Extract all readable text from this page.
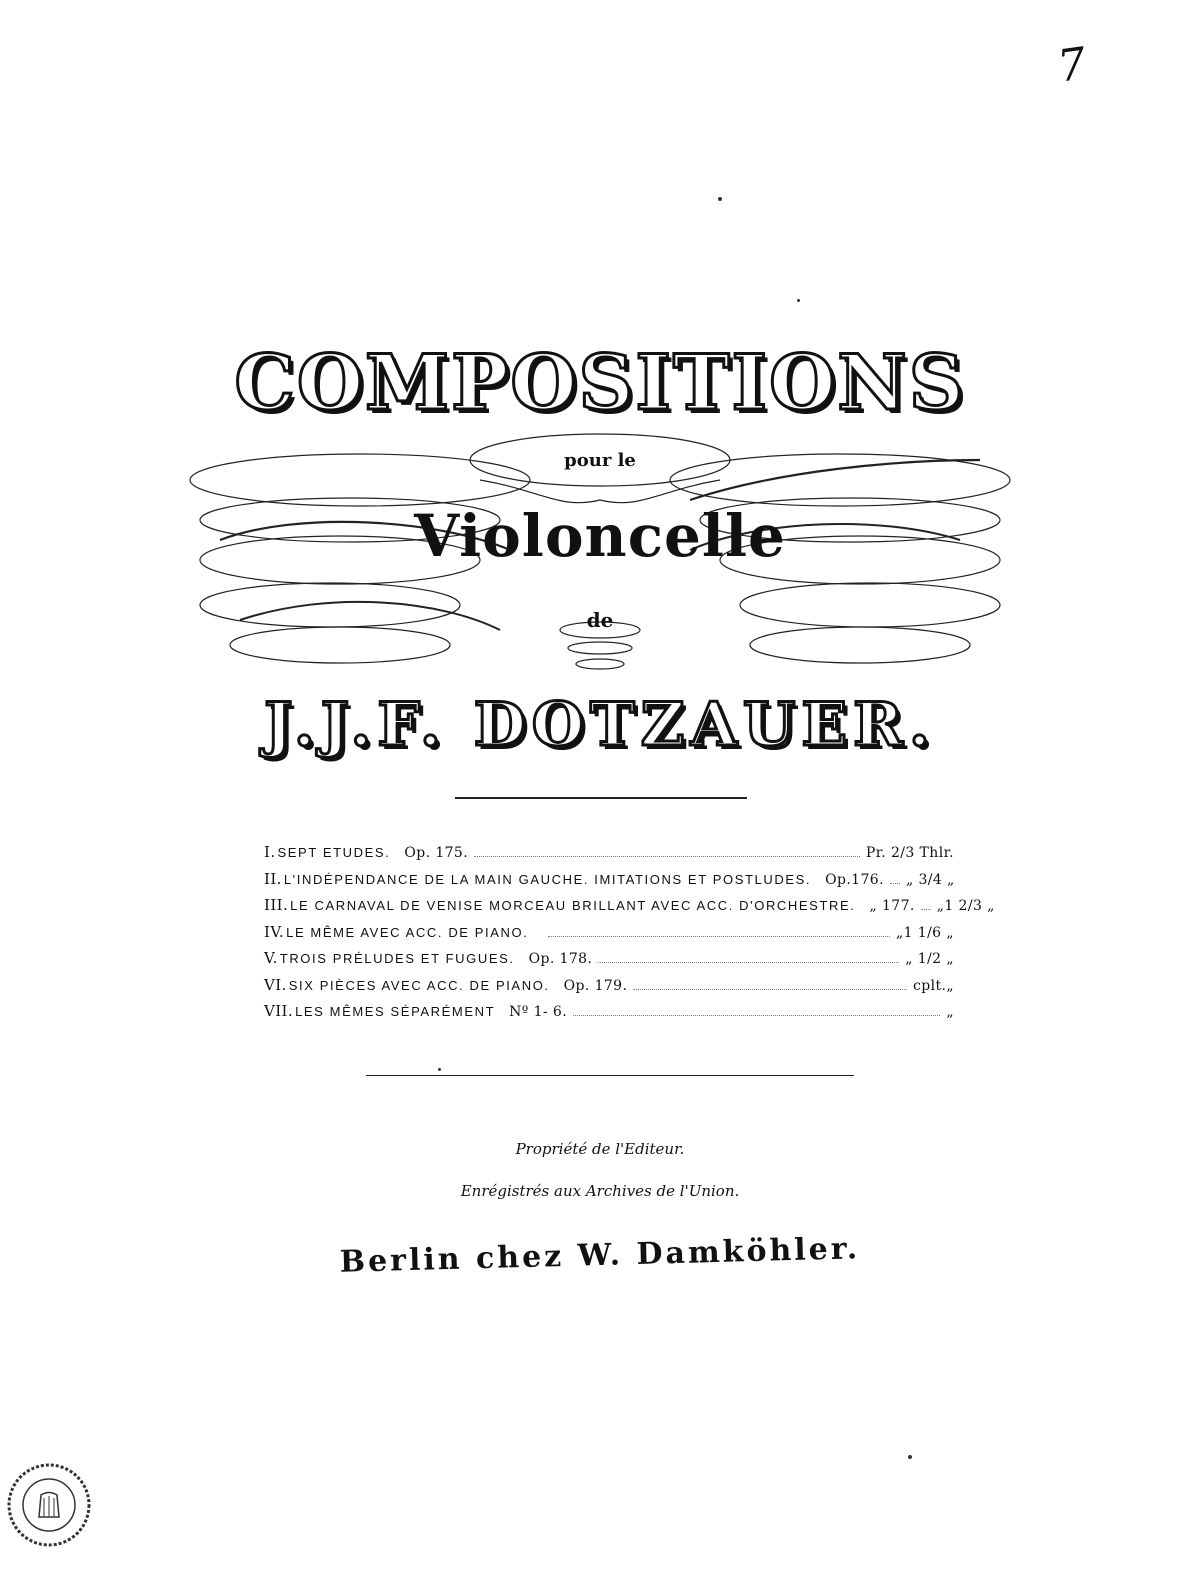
7
COMPOSITIONS
pour le
Violoncelle
de
J.J.F. DOTZAUER.
I. SEPT ETUDES. Op. 175.	Pr. 2/3 Thlr.
II. L'INDÉPENDANCE DE LA MAIN GAUCHE. IMITATIONS ET POSTLUDES. Op.176. „ 3/4 „
III. LE CARNAVAL DE VENISE MORCEAU BRILLANT AVEC ACC. D'ORCHESTRE. „ 177. „1 2/3 „
IV. LE MÊME AVEC ACC. DE PIANO.	„1 1/6 „
V. TROIS PRÉLUDES ET FUGUES. Op. 178.	„ 1/2 „
VI. SIX PIÈCES AVEC ACC. DE PIANO. Op. 179.	cplt.„
VII. LES MÊMES SÉPARÉMENT Nº 1- 6.	„
Propriété de l'Editeur.
Enrégistrés aux Archives de l'Union.
Berlin chez W. Damköhler.
